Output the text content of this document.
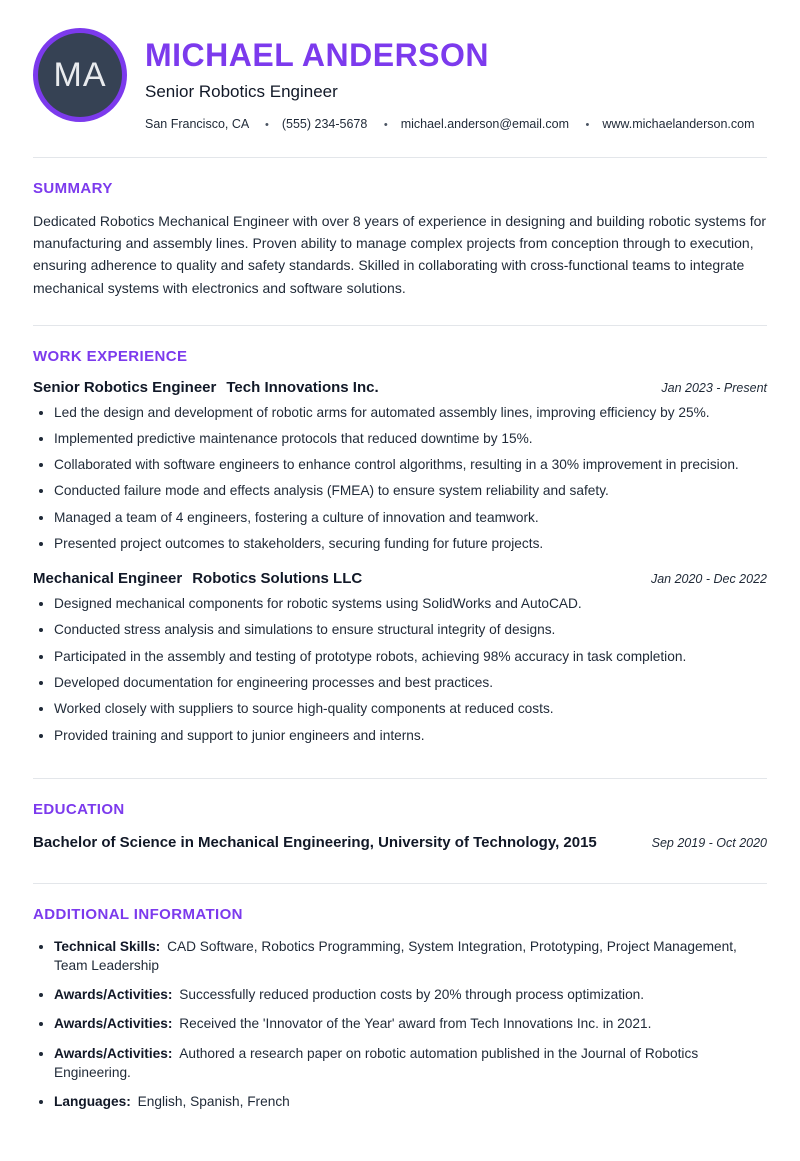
MA
MICHAEL ANDERSON
Senior Robotics Engineer
San Francisco, CA	• (555) 234-5678	• michael.anderson@email.com	• www.michaelanderson.com
SUMMARY

Dedicated Robotics Mechanical Engineer with over 8 years of experience in designing and building robotic systems for manufacturing and assembly lines. Proven ability to manage complex projects from conception through to execution, ensuring adherence to quality and safety standards. Skilled in collaborating with cross-functional teams to integrate mechanical systems with electronics and software solutions.

WORK EXPERIENCE
Senior Robotics Engineer Tech Innovations Inc.	Jan 2023 - Present
• Led the design and development of robotic arms for automated assembly lines, improving efficiency by 25%.
• Implemented predictive maintenance protocols that reduced downtime by 15%.
• Collaborated with software engineers to enhance control algorithms, resulting in a 30% improvement in precision.
• Conducted failure mode and effects analysis (FMEA) to ensure system reliability and safety.
• Managed a team of 4 engineers, fostering a culture of innovation and teamwork.
• Presented project outcomes to stakeholders, securing funding for future projects.
Mechanical Engineer Robotics Solutions LLC	Jan 2020 - Dec 2022
• Designed mechanical components for robotic systems using SolidWorks and AutoCAD.
• Conducted stress analysis and simulations to ensure structural integrity of designs.
• Participated in the assembly and testing of prototype robots, achieving 98% accuracy in task completion.
• Developed documentation for engineering processes and best practices.
• Worked closely with suppliers to source high-quality components at reduced costs.
• Provided training and support to junior engineers and interns.
EDUCATION
Bachelor of Science in Mechanical Engineering, University of Technology, 2015	Sep 2019 - Oct 2020
ADDITIONAL INFORMATION
• Technical Skills: CAD Software, Robotics Programming, System Integration, Prototyping, Project Management, Team Leadership
• Awards/Activities: Successfully reduced production costs by 20% through process optimization.
• Awards/Activities: Received the 'Innovator of the Year' award from Tech Innovations Inc. in 2021.
• Awards/Activities: Authored a research paper on robotic automation published in the Journal of Robotics Engineering.
• Languages: English, Spanish, French
